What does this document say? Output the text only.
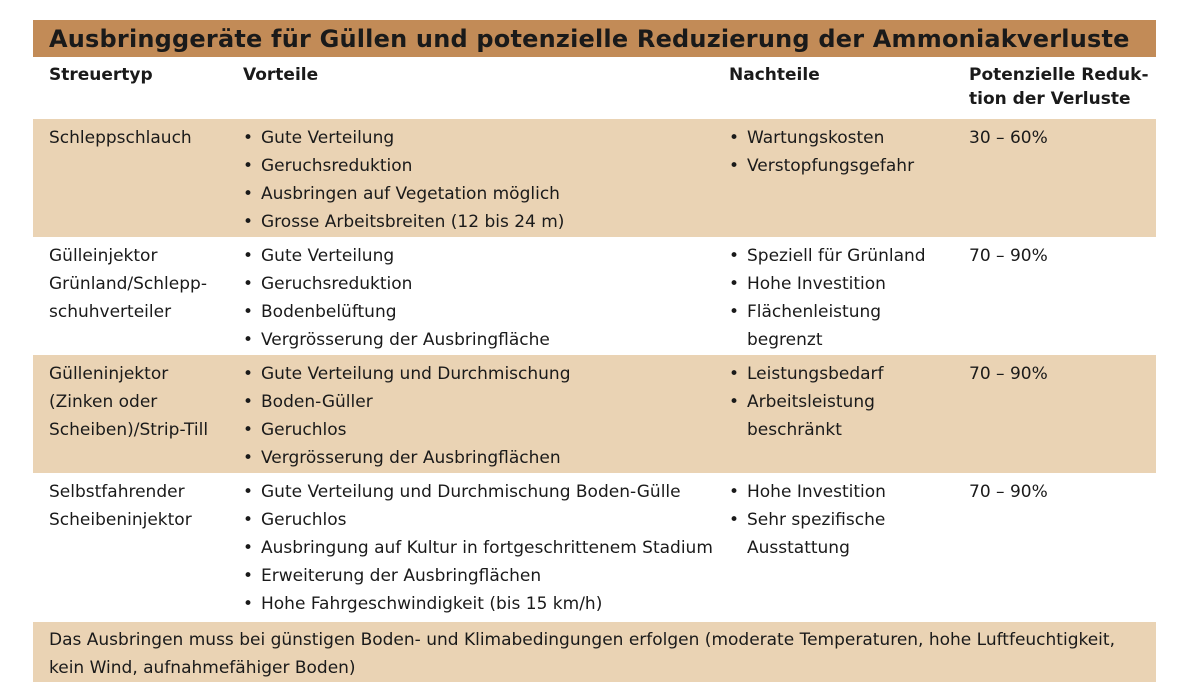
Ausbringgeräte für Güllen und potenzielle Reduzierung der Ammoniakverluste
Streuertyp	Vorteile	Nachteile	Potenzielle Reduk-
tion der Verluste
Schleppschlauch
•	Gute Verteilung
• Geruchsreduktion
• Ausbringen auf Vegetation möglich
• Grosse Arbeitsbreiten (12 bis 24 m)
• Wartungskosten
• Verstopfungsgefahr
30 – 60%
Gülleinjektor
Grünland/Schlepp-
schuhverteiler
• Gute Verteilung
• Geruchsreduktion
• Bodenbelüftung
• Vergrösserung der Ausbringfläche
• Speziell für Grünland
• Hohe Investition
• Flächenleistung
begrenzt
70 – 90%
Gülleninjektor
(Zinken oder
Scheiben)/Strip-Till
• Gute Verteilung und Durchmischung
• Boden-Güller
• Geruchlos
• Vergrösserung der Ausbringflächen
• Leistungsbedarf
• Arbeitsleistung
beschränkt
70 – 90%
Selbstfahrender
Scheibeninjektor
• Gute Verteilung und Durchmischung Boden-Gülle
• Geruchlos
• Ausbringung auf Kultur in fortgeschrittenem Stadium
• Erweiterung der Ausbringflächen
• Hohe Fahrgeschwindigkeit (bis 15 km/h)
• Hohe Investition
• Sehr spezifische
Ausstattung
70 – 90%
Das Ausbringen muss bei günstigen Boden- und Klimabedingungen erfolgen (moderate Temperaturen, hohe Luftfeuchtigkeit,
kein Wind, aufnahmefähiger Boden)
